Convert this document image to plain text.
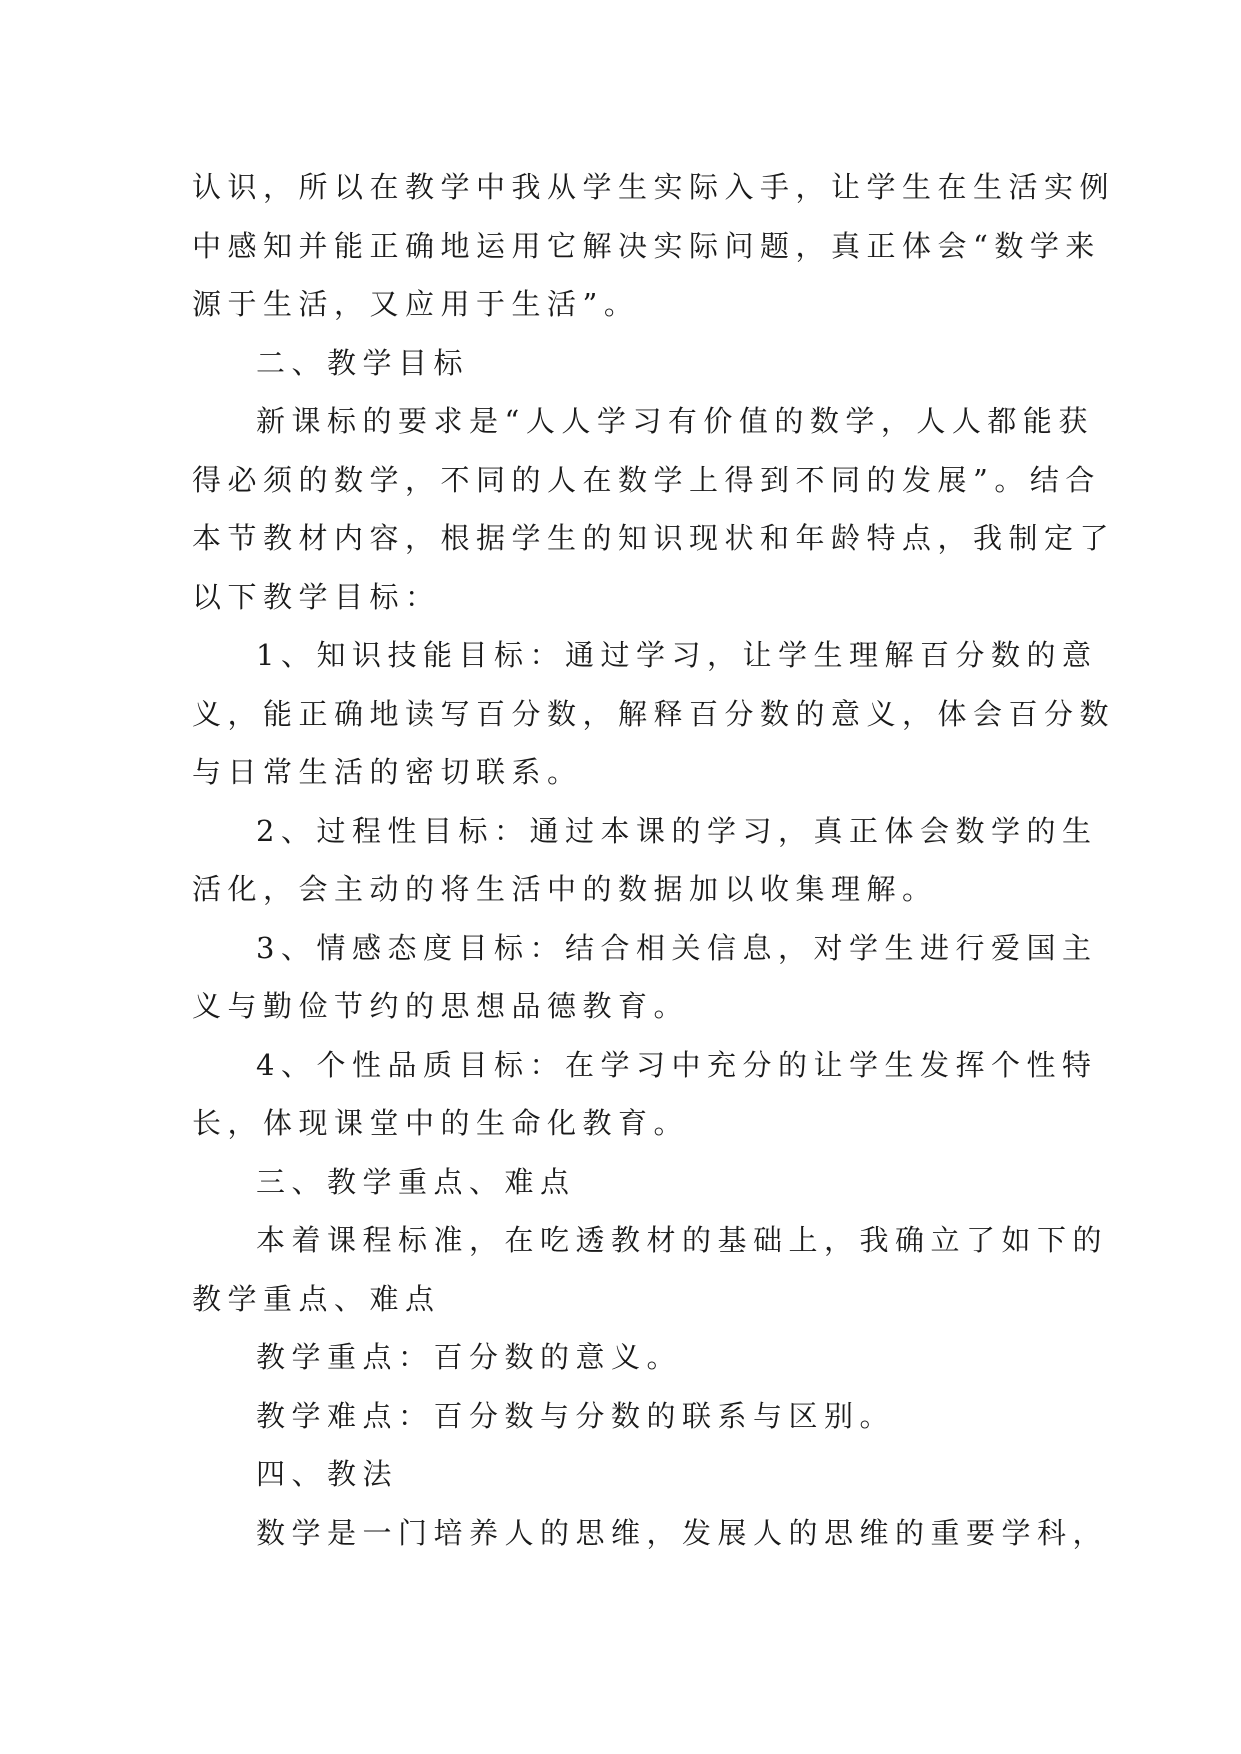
认识，所以在教学中我从学生实际入手，让学生在生活实例
中感知并能正确地运用它解决实际问题，真正体会“数学来
源于生活，又应用于生活”。
二、教学目标
新课标的要求是“人人学习有价值的数学，人人都能获
得必须的数学，不同的人在数学上得到不同的发展”。结合
本节教材内容，根据学生的知识现状和年龄特点，我制定了
以下教学目标：
1、知识技能目标：通过学习，让学生理解百分数的意
义，能正确地读写百分数，解释百分数的意义，体会百分数
与日常生活的密切联系。
2、过程性目标：通过本课的学习，真正体会数学的生
活化，会主动的将生活中的数据加以收集理解。
3、情感态度目标：结合相关信息，对学生进行爱国主
义与勤俭节约的思想品德教育。
4、个性品质目标：在学习中充分的让学生发挥个性特
长，体现课堂中的生命化教育。
三、教学重点、难点
本着课程标准，在吃透教材的基础上，我确立了如下的
教学重点、难点
教学重点：百分数的意义。
教学难点：百分数与分数的联系与区别。
四、教法
数学是一门培养人的思维，发展人的思维的重要学科，
